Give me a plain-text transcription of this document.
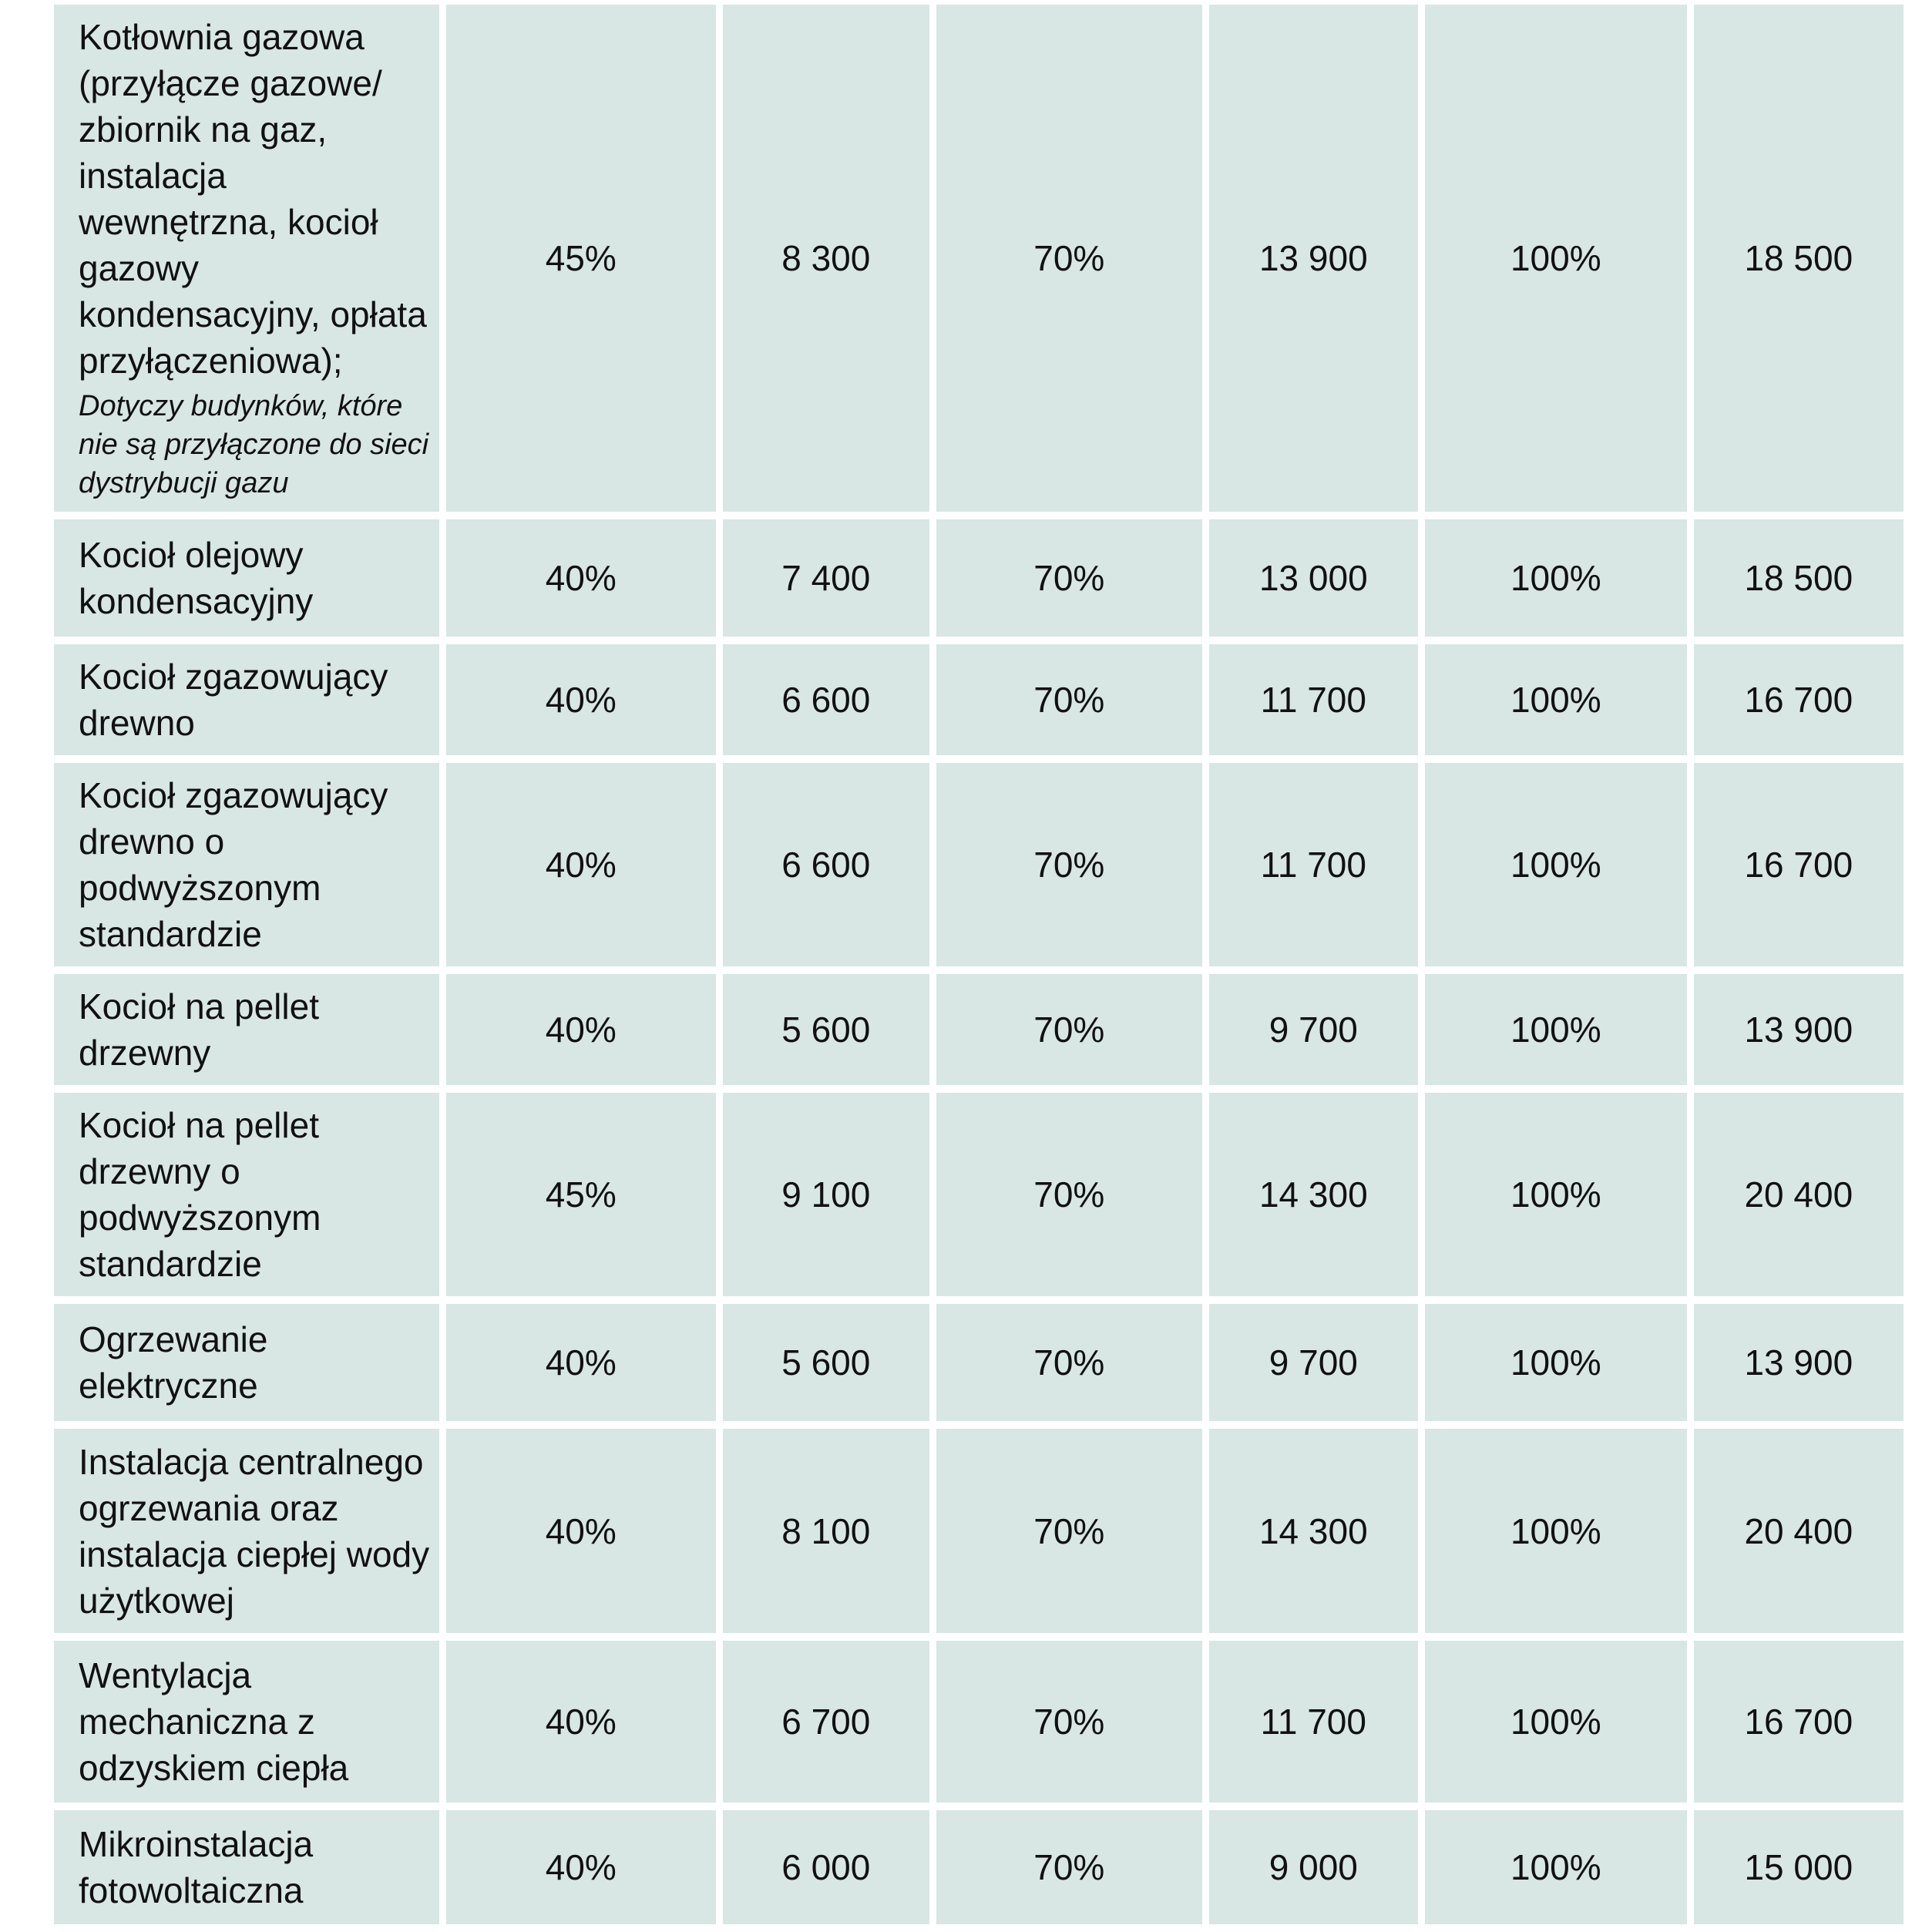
Kotłownia gazowa (przyłącze gazowe/ zbiornik na gaz, instalacja wewnętrzna, kocioł gazowy kondensacyjny, opłata przyłączeniowa);
Dotyczy budynków, które nie są przyłączone do sieci dystrybucji gazu	45%	8 300	70%	13 900	100%	18 500

Kocioł olejowy kondensacyjny	40%	7 400	70%	13 000	100%	18 500

Kocioł zgazowujący drewno	40%	6 600	70%	11 700	100%	16 700

Kocioł zgazowujący drewno o podwyższonym standardzie	40%	6 600	70%	11 700	100%	16 700

Kocioł na pellet drzewny	40%	5 600	70%	9 700	100%	13 900

Kocioł na pellet drzewny o podwyższonym standardzie	45%	9 100	70%	14 300	100%	20 400

Ogrzewanie elektryczne	40%	5 600	70%	9 700	100%	13 900

Instalacja centralnego ogrzewania oraz instalacja ciepłej wody użytkowej	40%	8 100	70%	14 300	100%	20 400

Wentylacja mechaniczna z odzyskiem ciepła	40%	6 700	70%	11 700	100%	16 700

Mikroinstalacja fotowoltaiczna	40%	6 000	70%	9 000	100%	15 000
